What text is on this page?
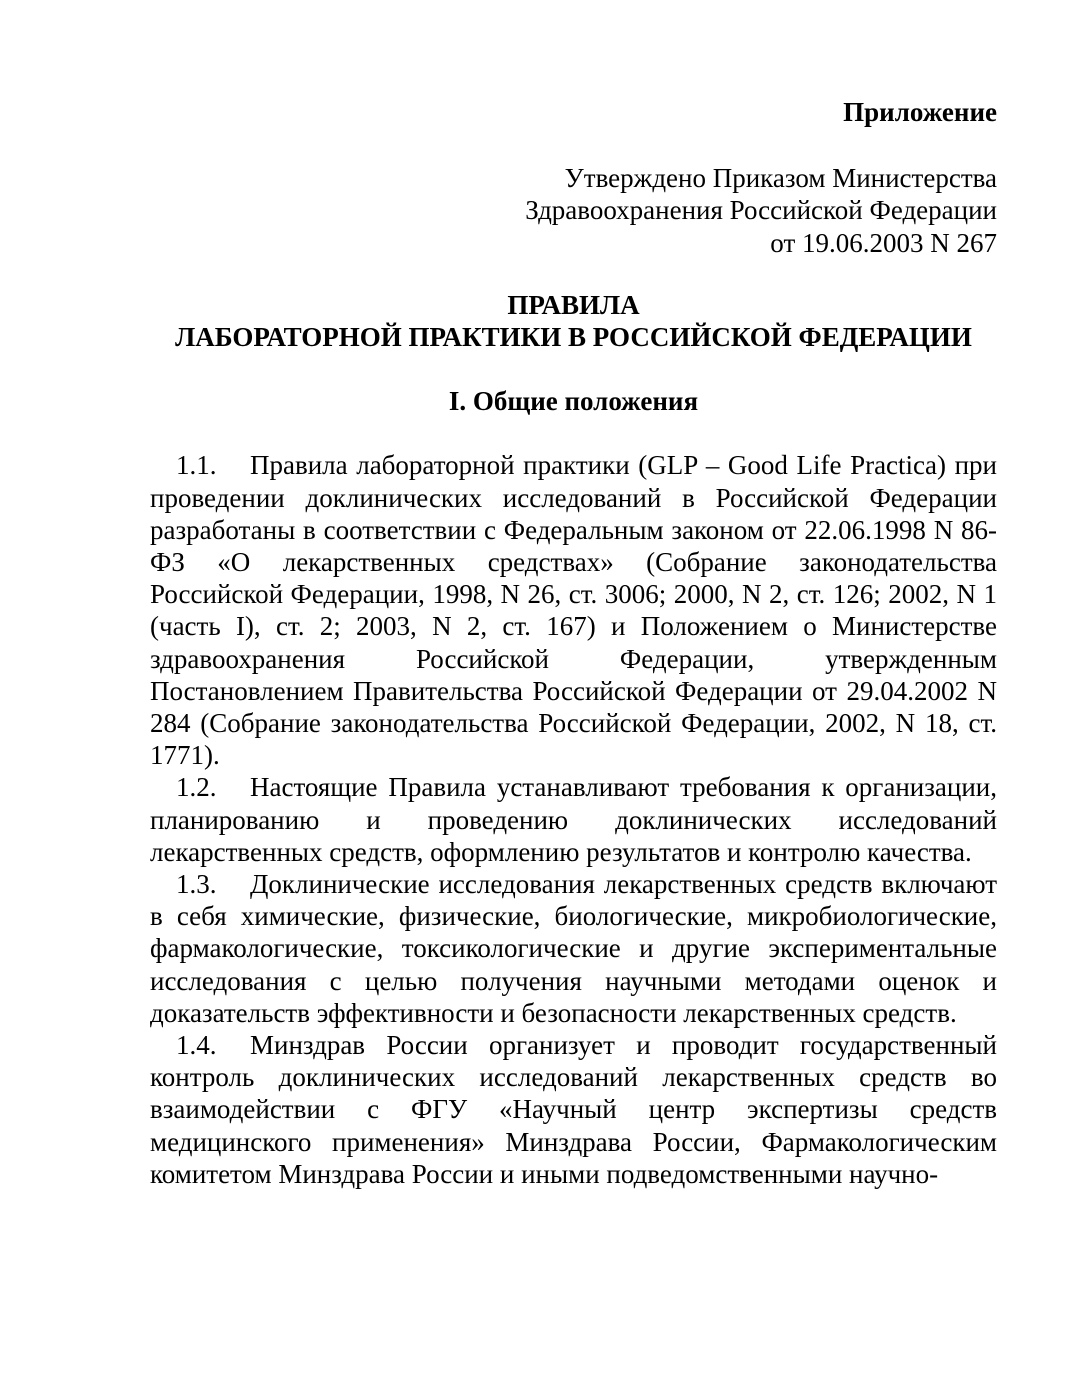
Приложение

Утверждено Приказом Министерства
Здравоохранения Российской Федерации
от 19.06.2003 N 267
ПРАВИЛА
ЛАБОРАТОРНОЙ ПРАКТИКИ В РОССИЙСКОЙ ФЕДЕРАЦИИ
I. Общие положения

1.1. Правила лабораторной практики (GLP – Good Life Practica) при проведении доклинических исследований в Российской Федерации разработаны в соответствии с Федеральным законом от 22.06.1998 N 86-ФЗ «О лекарственных средствах» (Собрание законодательства Российской Федерации, 1998, N 26, ст. 3006; 2000, N 2, ст. 126; 2002, N 1 (часть I), ст. 2; 2003, N 2, ст. 167) и Положением о Министерстве здравоохранения Российской Федерации, утвержденным Постановлением Правительства Российской Федерации от 29.04.2002 N 284 (Собрание законодательства Российской Федерации, 2002, N 18, ст. 1771).

1.2. Настоящие Правила устанавливают требования к организации, планированию и проведению доклинических исследований лекарственных средств, оформлению результатов и контролю качества.

1.3. Доклинические исследования лекарственных средств включают в себя химические, физические, биологические, микробиологические, фармакологические, токсикологические и другие экспериментальные исследования с целью получения научными методами оценок и доказательств эффективности и безопасности лекарственных средств.

1.4. Минздрав России организует и проводит государственный контроль доклинических исследований лекарственных средств во взаимодействии с ФГУ «Научный центр экспертизы средств медицинского применения» Минздрава России, Фармакологическим комитетом Минздрава России и иными подведомственными научно-
